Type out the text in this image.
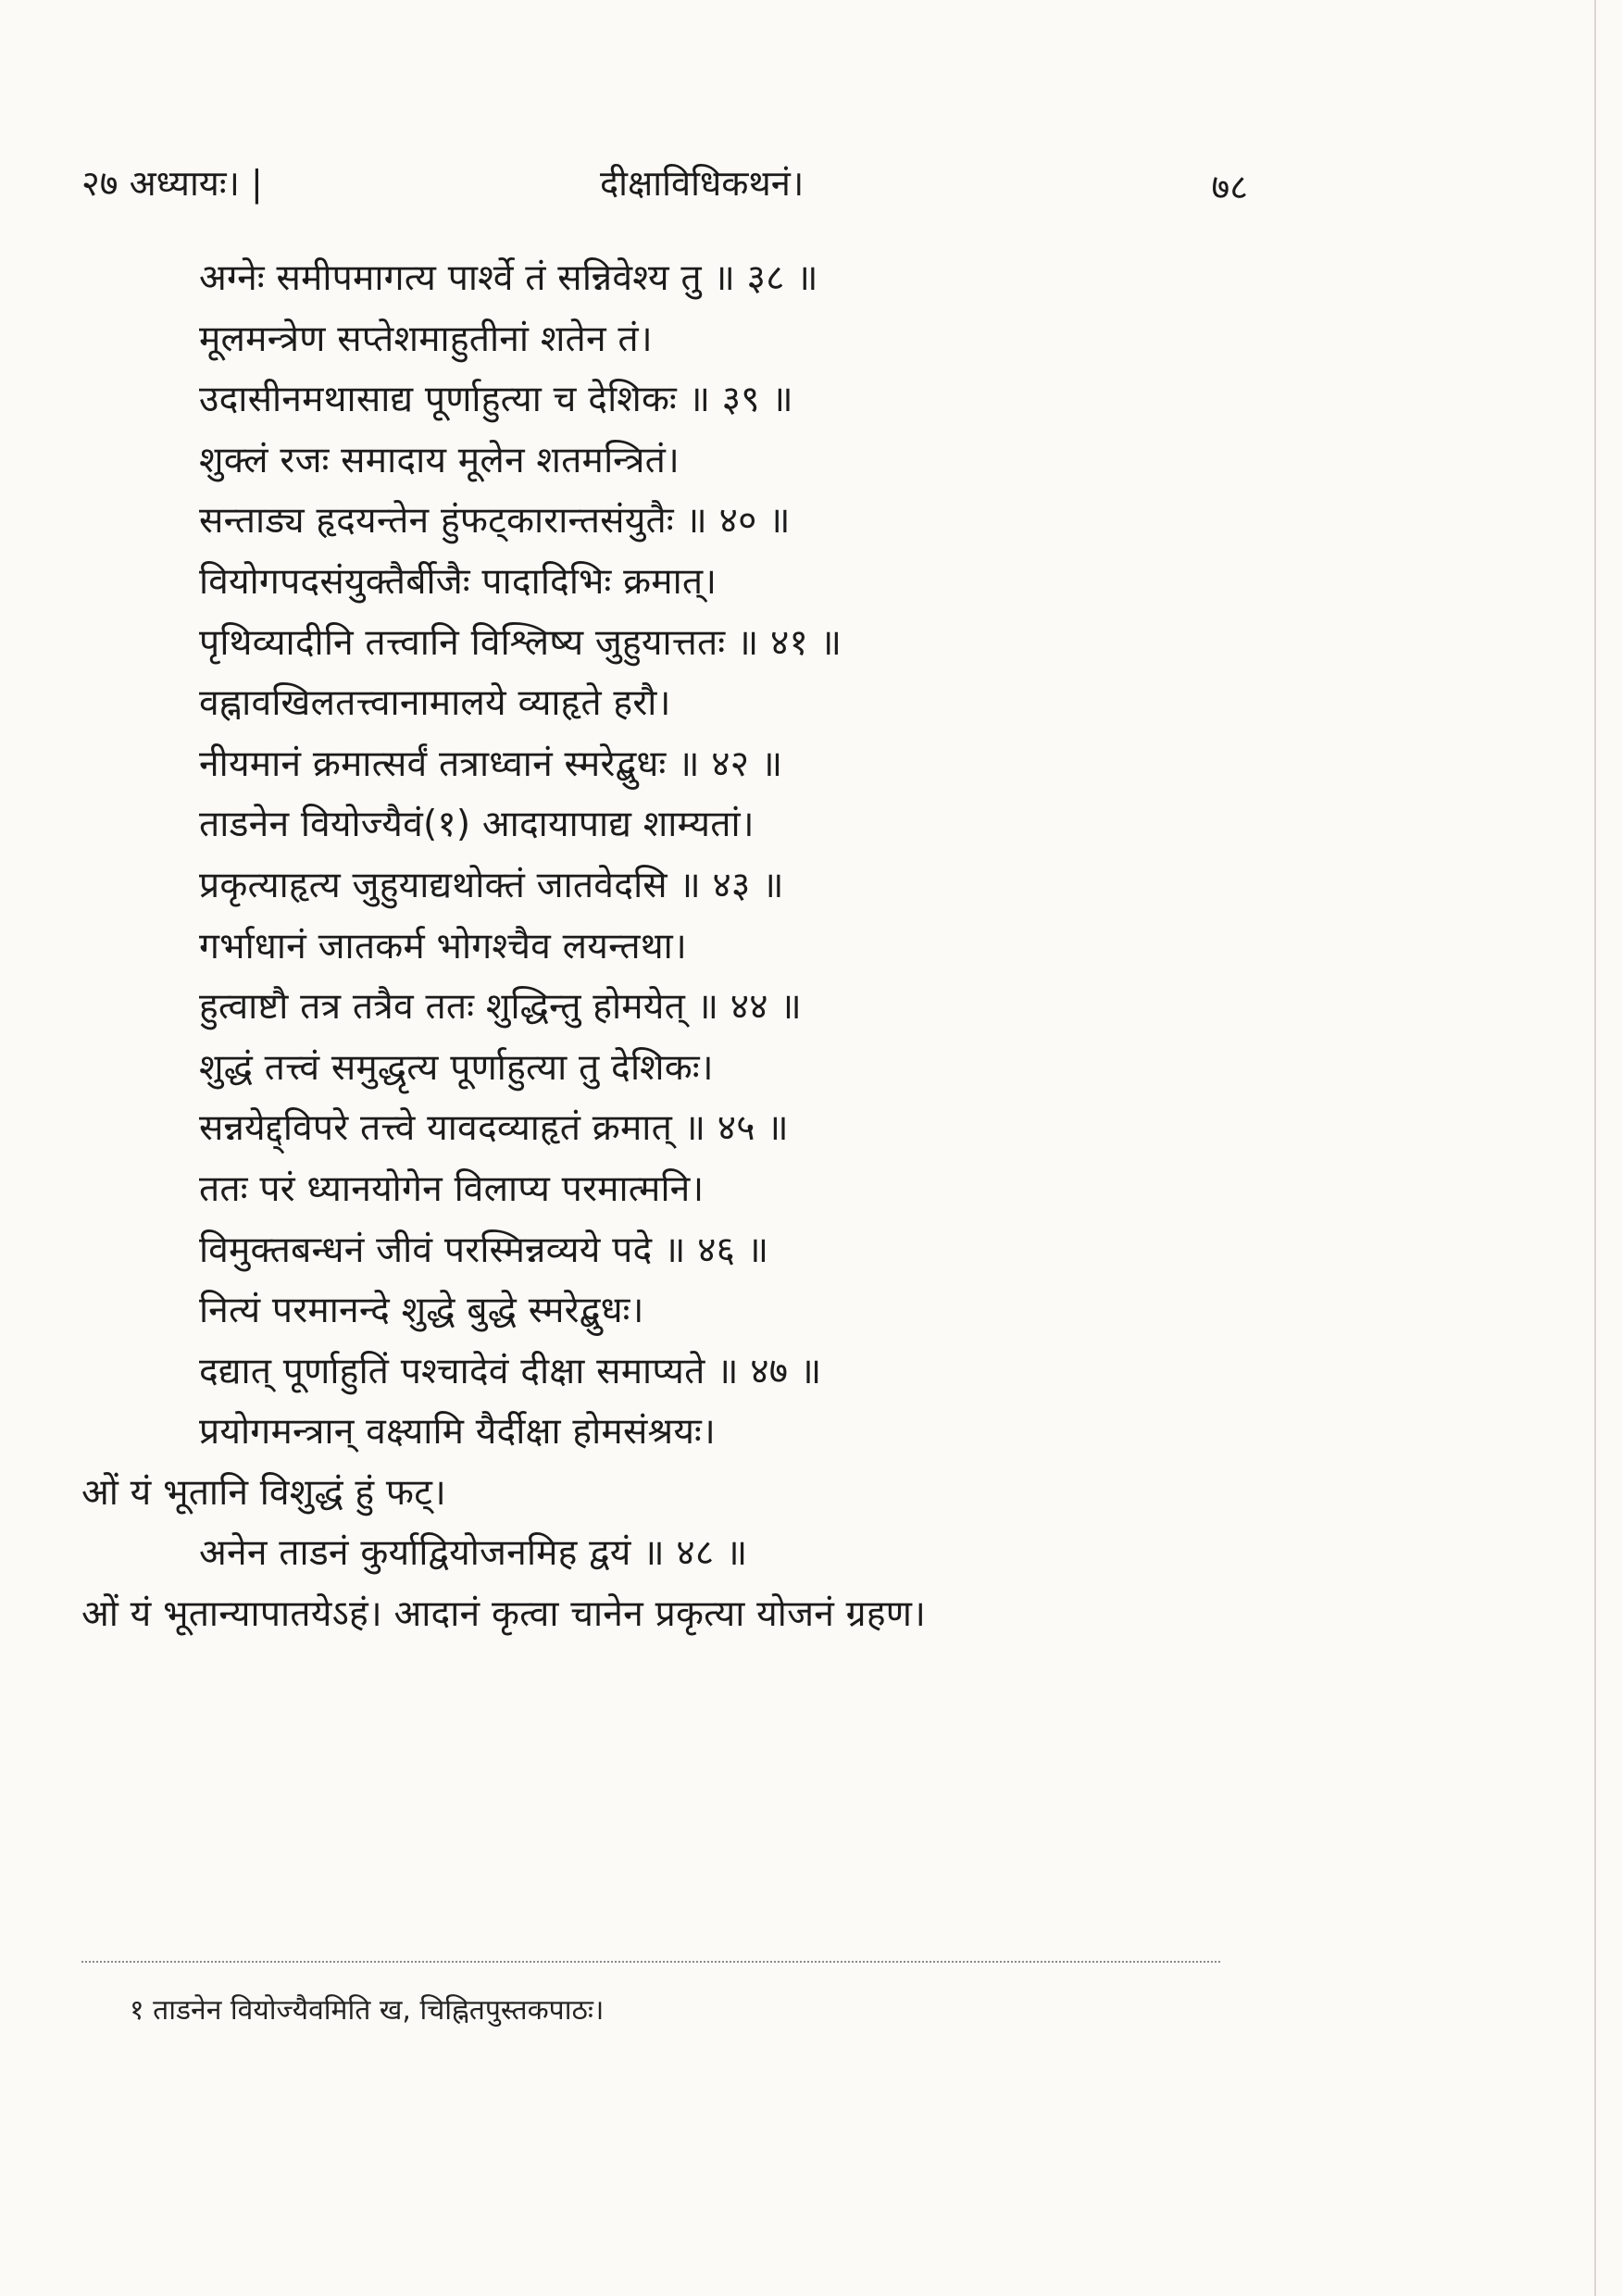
२७ अध्यायः। |	दीक्षाविधिकथनं।	७८
अग्नेः समीपमागत्य पार्श्वे तं सन्निवेश्य तु ॥ ३८ ॥
मूलमन्त्रेण सप्तेशमाहुतीनां शतेन तं।
उदासीनमथासाद्य पूर्णाहुत्या च देशिकः ॥ ३९ ॥
शुक्लं रजः समादाय मूलेन शतमन्त्रितं।
सन्ताड्य हृदयन्तेन हुंफट्कारान्तसंयुतैः ॥ ४० ॥
वियोगपदसंयुक्तैर्बीजैः पादादिभिः क्रमात्।
पृथिव्यादीनि तत्त्वानि विश्लिष्य जुहुयात्ततः ॥ ४१ ॥
वह्नावखिलतत्त्वानामालये व्याहृते हरौ।
नीयमानं क्रमात्सर्वं तत्राध्वानं स्मरेद्बुधः ॥ ४२ ॥
ताडनेन वियोज्यैवं(१) आदायापाद्य शाम्यतां।
प्रकृत्याहृत्य जुहुयाद्यथोक्तं जातवेदसि ॥ ४३ ॥
गर्भाधानं जातकर्म भोगश्चैव लयन्तथा।
हुत्वाष्टौ तत्र तत्रैव ततः शुद्धिन्तु होमयेत् ॥ ४४ ॥
शुद्धं तत्त्वं समुद्धृत्य पूर्णाहुत्या तु देशिकः।
सन्नयेद्द्विपरे तत्त्वे यावदव्याहृतं क्रमात् ॥ ४५ ॥
ततः परं ध्यानयोगेन विलाप्य परमात्मनि।
विमुक्तबन्धनं जीवं परस्मिन्नव्यये पदे ॥ ४६ ॥
नित्यं परमानन्दे शुद्धे बुद्धे स्मरेद्बुधः।
दद्यात् पूर्णाहुतिं पश्चादेवं दीक्षा समाप्यते ॥ ४७ ॥
प्रयोगमन्त्रान् वक्ष्यामि यैर्दीक्षा होमसंश्रयः।
ओं यं भूतानि विशुद्धं हुं फट्।
अनेन ताडनं कुर्याद्वियोजनमिह द्वयं ॥ ४८ ॥
ओं यं भूतान्यापातयेऽहं। आदानं कृत्वा चानेन प्रकृत्या योजनं ग्रहण।
१ ताडनेन वियोज्यैवमिति ख, चिह्नितपुस्तकपाठः।
